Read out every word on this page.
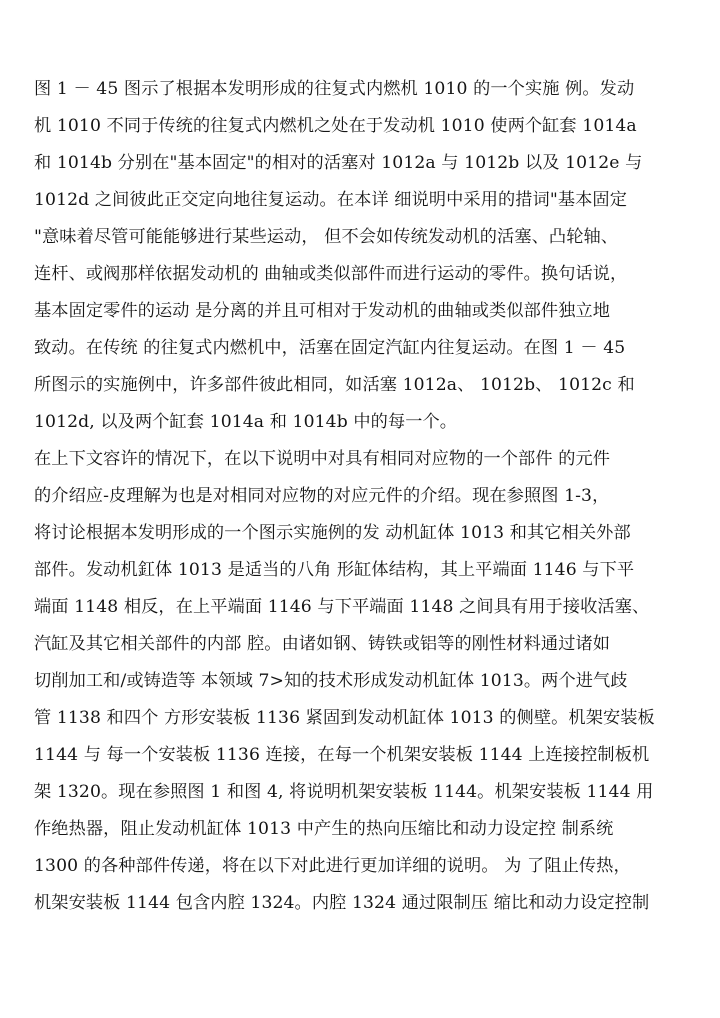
图 1 － 45 图示了根据本发明形成的往复式内燃机 1010 的一个实施 例。发动
机 1010 不同于传统的往复式内燃机之处在于发动机 1010 使两个缸套 1014a
和 1014b 分别在"基本固定"的相对的活塞对 1012a 与 1012b 以及 1012e 与
1012d 之间彼此正交定向地往复运动。在本详 细说明中采用的措词"基本固定
"意味着尽管可能能够进行某些运动， 但不会如传统发动机的活塞、凸轮轴、
连杆、或阀那样依据发动机的 曲轴或类似部件而进行运动的零件。换句话说，
基本固定零件的运动 是分离的并且可相对于发动机的曲轴或类似部件独立地
致动。在传统 的往复式内燃机中，活塞在固定汽缸内往复运动。在图 1 － 45
所图示的实施例中，许多部件彼此相同，如活塞 1012a、 1012b、 1012c 和
1012d, 以及两个缸套 1014a 和 1014b 中的每一个。
在上下文容许的情况下，在以下说明中对具有相同对应物的一个部件 的元件
的介绍应-皮理解为也是对相同对应物的对应元件的介绍。现在参照图 1-3，
将讨论根据本发明形成的一个图示实施例的发 动机缸体 1013 和其它相关外部
部件。发动机釭体 1013 是适当的八角 形缸体结构，其上平端面 1146 与下平
端面 1148 相反，在上平端面 1146 与下平端面 1148 之间具有用于接收活塞、
汽缸及其它相关部件的内部 腔。由诸如钢、铸铁或铝等的刚性材料通过诸如
切削加工和/或铸造等 本领域 7>知的技术形成发动机缸体 1013。两个进气歧
管 1138 和四个 方形安装板 1136 紧固到发动机缸体 1013 的侧壁。机架安装板
1144 与 每一个安装板 1136 连接，在每一个机架安装板 1144 上连接控制板机
架 1320。现在参照图 1 和图 4, 将说明机架安装板 1144。机架安装板 1144 用
作绝热器，阻止发动机缸体 1013 中产生的热向压缩比和动力设定控 制系统
1300 的各种部件传递，将在以下对此进行更加详细的说明。 为 了阻止传热，
机架安装板 1144 包含内腔 1324。内腔 1324 通过限制压 缩比和动力设定控制
